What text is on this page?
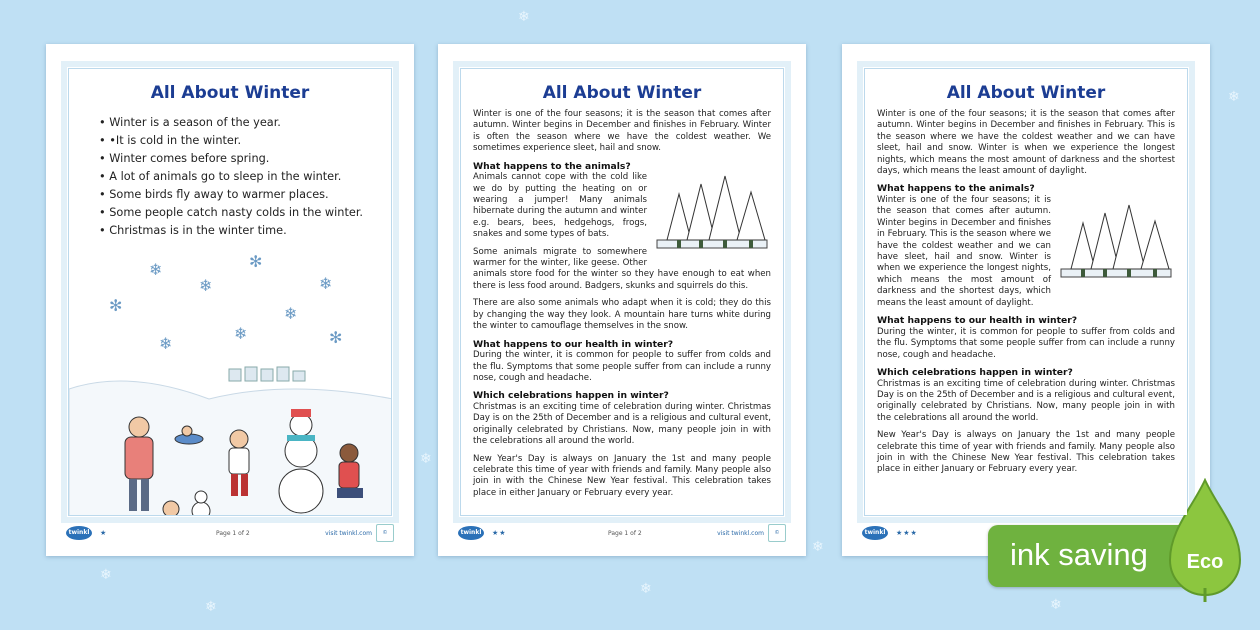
❄
❄
❄
❄
❄
❄
❄
❄
• Winter is a season of the year.
• •It is cold in the winter.
• Winter comes before spring.
• A lot of animals go to sleep in the winter.
• Some birds fly away to warmer places.
• Some people catch nasty colds in the winter.
• Christmas is in the winter time.
❄	✻
❄	❄
✻	❄
❄
❄	✻
All About Winter
twinkl	★	Page 1 of 2	visit twinkl.com	©

Winter is one of the four seasons; it is the season that comes after autumn. Winter begins in December and finishes in February. Winter is often the season where we have the coldest weather. We sometimes experience sleet, hail and snow.

What happens to the animals?

Animals cannot cope with the cold like we do by putting the heating on or wearing a jumper! Many animals hibernate during the autumn and winter e.g. bears, bees, hedgehogs, frogs, snakes and some types of bats.

Some animals migrate to somewhere warmer for the winter, like geese. Other animals store food for the winter so they have enough to eat when there is less food around. Badgers, skunks and squirrels do this.

There are also some animals who adapt when it is cold; they do this by changing the way they look. A mountain hare turns white during the winter to camouflage themselves in the snow.

What happens to our health in winter?

During the winter, it is common for people to suffer from colds and the flu. Symptoms that some people suffer from can include a runny nose, cough and headache.

Which celebrations happen in winter?

Christmas is an exciting time of celebration during winter. Christmas Day is on the 25th of December and is a religious and cultural event, originally celebrated by Christians. Now, many people join in with the celebrations all around the world.

New Year's Day is always on January the 1st and many people celebrate this time of year with friends and family. Many people also join in with the Chinese New Year festival. This celebration takes place in either January or February every year.

All About Winter
twinkl	★★	Page 1 of 2	visit twinkl.com	©

Winter is one of the four seasons; it is the season that comes after autumn. Winter begins in December and finishes in February. This is the season where we have the coldest weather and we can have sleet, hail and snow. Winter is when we experience the longest nights, which means the most amount of darkness and the shortest days, which means the least amount of daylight.

What happens to the animals?

Winter is one of the four seasons; it is the season that comes after autumn. Winter begins in December and finishes in February. This is the season where we have the coldest weather and we can have sleet, hail and snow. Winter is when we experience the longest nights, which means the most amount of darkness and the shortest days, which means the least amount of daylight.

What happens to our health in winter?

During the winter, it is common for people to suffer from colds and the flu. Symptoms that some people suffer from can include a runny nose, cough and headache.

Which celebrations happen in winter?

Christmas is an exciting time of celebration during winter. Christmas Day is on the 25th of December and is a religious and cultural event, originally celebrated by Christians. Now, many people join in with the celebrations all around the world.

New Year's Day is always on January the 1st and many people celebrate this time of year with friends and family. Many people also join in with the Chinese New Year festival. This celebration takes place in either January or February every year.

All About Winter
twinkl	★★★
ink saving Eco
